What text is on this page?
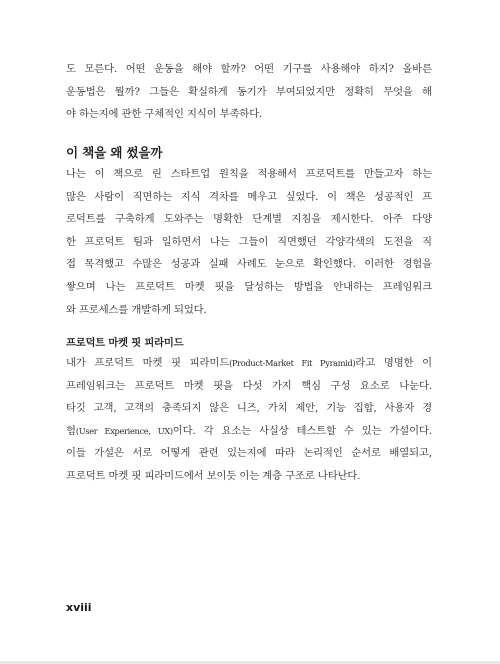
도 모른다. 어떤 운동을 해야 할까? 어떤 기구를 사용해야 하지? 올바른
운동법은 뭘까? 그들은 확실하게 동기가 부여되었지만 정확히 무엇을 해
야 하는지에 관한 구체적인 지식이 부족하다.
이 책을 왜 썼을까
나는 이 책으로 린 스타트업 원칙을 적용해서 프로덕트를 만들고자 하는
많은 사람이 직면하는 지식 격차를 메우고 싶었다. 이 책은 성공적인 프
로덕트를 구축하게 도와주는 명확한 단계별 지침을 제시한다. 아주 다양
한 프로덕트 팀과 일하면서 나는 그들이 직면했던 각양각색의 도전을 직
접 목격했고 수많은 성공과 실패 사례도 눈으로 확인했다. 이러한 경험을
쌓으며 나는 프로덕트 마켓 핏을 달성하는 방법을 안내하는 프레임워크
와 프로세스를 개발하게 되었다.
프로덕트 마켓 핏 피라미드
내가 프로덕트 마켓 핏 피라미드(Product-Market Fit Pyramid)라고 명명한 이
프레임워크는 프로덕트 마켓 핏을 다섯 가지 핵심 구성 요소로 나눈다.
타깃 고객, 고객의 충족되지 않은 니즈, 가치 제안, 기능 집합, 사용자 경
험(User Experience, UX)이다. 각 요소는 사실상 테스트할 수 있는 가설이다.
이들 가설은 서로 어떻게 관련 있는지에 따라 논리적인 순서로 배열되고,
프로덕트 마켓 핏 피라미드에서 보이듯 이는 계층 구조로 나타난다.
xviii
